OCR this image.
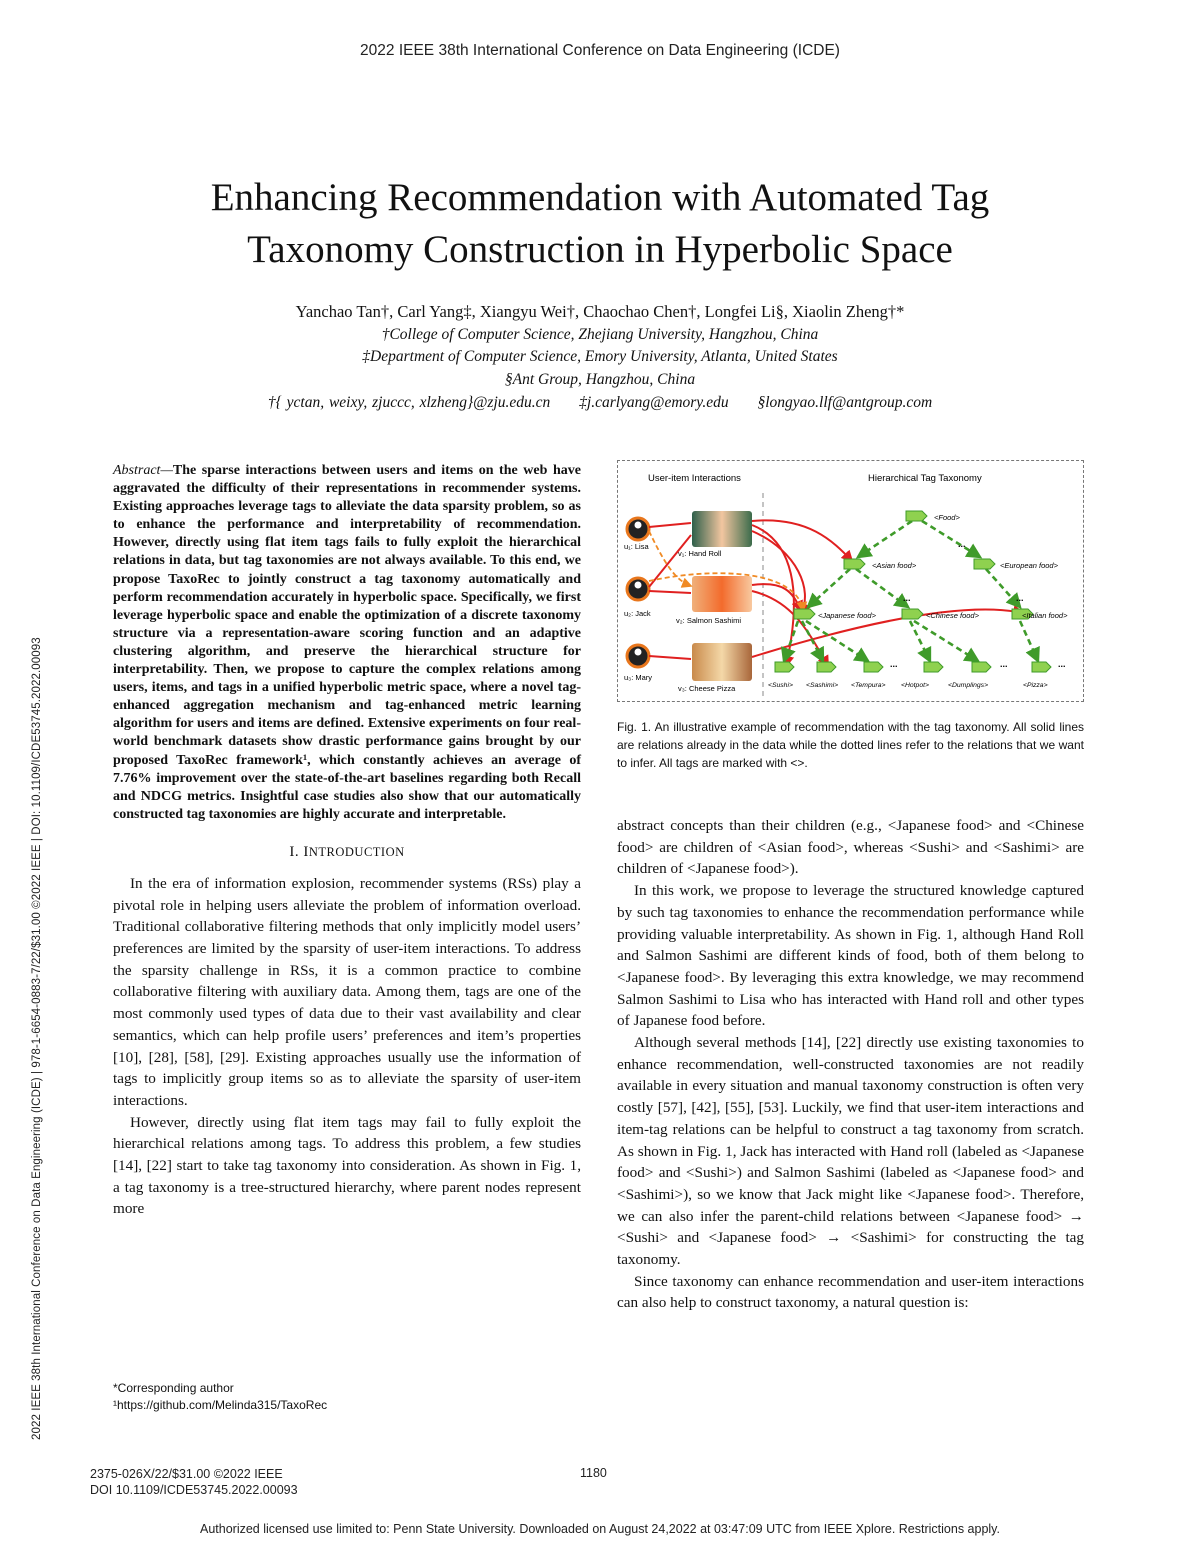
2022 IEEE 38th International Conference on Data Engineering (ICDE)
Enhancing Recommendation with Automated Tag
Taxonomy Construction in Hyperbolic Space
Yanchao Tan†, Carl Yang‡, Xiangyu Wei†, Chaochao Chen†, Longfei Li§, Xiaolin Zheng†*
†College of Computer Science, Zhejiang University, Hangzhou, China
‡Department of Computer Science, Emory University, Atlanta, United States
§Ant Group, Hangzhou, China
†{ yctan, weixy, zjuccc, xlzheng}@zju.edu.cn ‡j.carlyang@emory.edu §longyao.llf@antgroup.com
2022 IEEE 38th International Conference on Data Engineering (ICDE) | 978-1-6654-0883-7/22/$31.00 ©2022 IEEE | DOI: 10.1109/ICDE53745.2022.00093
Abstract—The sparse interactions between users and items on the web have aggravated the difficulty of their representations in recommender systems. Existing approaches leverage tags to alleviate the data sparsity problem, so as to enhance the performance and interpretability of recommendation. However, directly using flat item tags fails to fully exploit the hierarchical relations in data, but tag taxonomies are not always available. To this end, we propose TaxoRec to jointly construct a tag taxonomy automatically and perform recommendation accurately in hyperbolic space. Specifically, we first leverage hyperbolic space and enable the optimization of a discrete taxonomy structure via a representation-aware scoring function and an adaptive clustering algorithm, and preserve the hierarchical structure for interpretability. Then, we propose to capture the complex relations among users, items, and tags in a unified hyperbolic metric space, where a novel tag-enhanced aggregation mechanism and tag-enhanced metric learning algorithm for users and items are defined. Extensive experiments on four real-world benchmark datasets show drastic performance gains brought by our proposed TaxoRec framework¹, which constantly achieves an average of 7.76% improvement over the state-of-the-art baselines regarding both Recall and NDCG metrics. Insightful case studies also show that our automatically constructed tag taxonomies are highly accurate and interpretable.
I. INTRODUCTION

In the era of information explosion, recommender systems (RSs) play a pivotal role in helping users alleviate the problem of information overload. Traditional collaborative filtering methods that only implicitly model users’ preferences are limited by the sparsity of user-item interactions. To address the sparsity challenge in RSs, it is a common practice to combine collaborative filtering with auxiliary data. Among them, tags are one of the most commonly used types of data due to their vast availability and clear semantics, which can help profile users’ preferences and item’s properties [10], [28], [58], [29]. Existing approaches usually use the information of tags to implicitly group items so as to alleviate the sparsity of user-item interactions.

However, directly using flat item tags may fail to fully exploit the hierarchical relations among tags. To address this problem, a few studies [14], [22] start to take tag taxonomy into consideration. As shown in Fig. 1, a tag taxonomy is a tree-structured hierarchy, where parent nodes represent more

*Corresponding author
¹https://github.com/Melinda315/TaxoRec
User-item Interactions	Hierarchical Tag Taxonomy
u₁: Lisa
u₂: Jack
u₃: Mary
v₁: Hand Roll
v₂: Salmon Sashimi
v₃: Cheese Pizza
<Food>
<Asian food>	<European food>
<Japanese food>	<Chinese food>	<Italian food>
<Sushi> <Sashimi> <Tempura> <Hotpot>	<Dumplings>	<Pizza>
...
...	...
...	...	...
Fig. 1. An illustrative example of recommendation with the tag taxonomy. All solid lines are relations already in the data while the dotted lines refer to the relations that we want to infer. All tags are marked with <>.

abstract concepts than their children (e.g., <Japanese food> and <Chinese food> are children of <Asian food>, whereas <Sushi> and <Sashimi> are children of <Japanese food>).

In this work, we propose to leverage the structured knowledge captured by such tag taxonomies to enhance the recommendation performance while providing valuable interpretability. As shown in Fig. 1, although Hand Roll and Salmon Sashimi are different kinds of food, both of them belong to <Japanese food>. By leveraging this extra knowledge, we may recommend Salmon Sashimi to Lisa who has interacted with Hand roll and other types of Japanese food before.

Although several methods [14], [22] directly use existing taxonomies to enhance recommendation, well-constructed taxonomies are not readily available in every situation and manual taxonomy construction is often very costly [57], [42], [55], [53]. Luckily, we find that user-item interactions and item-tag relations can be helpful to construct a tag taxonomy from scratch. As shown in Fig. 1, Jack has interacted with Hand roll (labeled as <Japanese food> and <Sushi>) and Salmon Sashimi (labeled as <Japanese food> and <Sashimi>), so we know that Jack might like <Japanese food>. Therefore, we can also infer the parent-child relations between <Japanese food> → <Sushi> and <Japanese food> → <Sashimi> for constructing the tag taxonomy.

Since taxonomy can enhance recommendation and user-item interactions can also help to construct taxonomy, a natural question is:

2375-026X/22/$31.00 ©2022 IEEE
DOI 10.1109/ICDE53745.2022.00093
1180
Authorized licensed use limited to: Penn State University. Downloaded on August 24,2022 at 03:47:09 UTC from IEEE Xplore. Restrictions apply.
